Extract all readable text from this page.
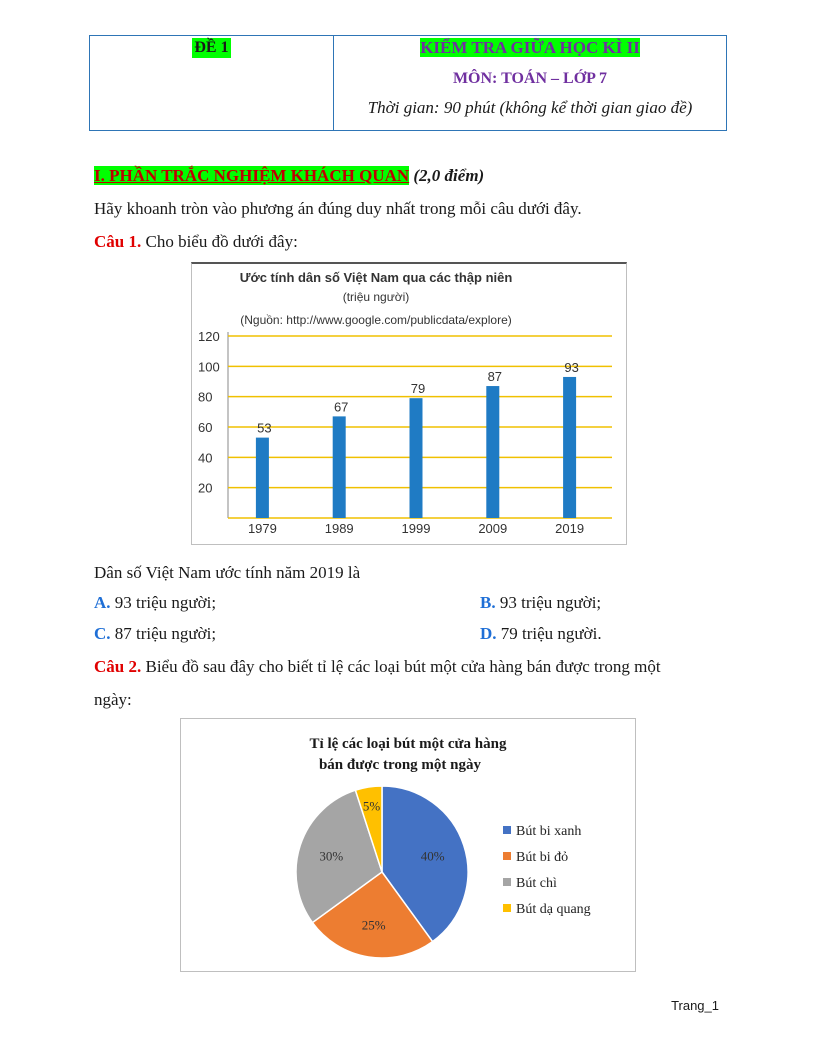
ĐỀ 1	KIỂM TRA GIỮA HỌC KÌ II
MÔN: TOÁN – LỚP 7
Thời gian: 90 phút (không kể thời gian giao đề)
I. PHẦN TRẮC NGHIỆM KHÁCH QUAN (2,0 điểm)
Hãy khoanh tròn vào phương án đúng duy nhất trong mỗi câu dưới đây.
Câu 1. Cho biểu đồ dưới đây:
Ước tính dân số Việt Nam qua các thập niên
(triệu người)
(Nguồn: http://www.google.com/publicdata/explore)
20
40
60
80
100
120
53
1979
67
1989
79
1999
87
2009
93
2019
Dân số Việt Nam ước tính năm 2019 là
A. 93 triệu người;	B. 93 triệu người;
C. 87 triệu người;	D. 79 triệu người.
Câu 2. Biểu đồ sau đây cho biết tỉ lệ các loại bút một cửa hàng bán được trong một
ngày:
Tỉ lệ các loại bút một cửa hàng
bán được trong một ngày
40%
25%
30%
5%
Bút bi xanh
Bút bi đỏ
Bút chì
Bút dạ quang
Trang_1
